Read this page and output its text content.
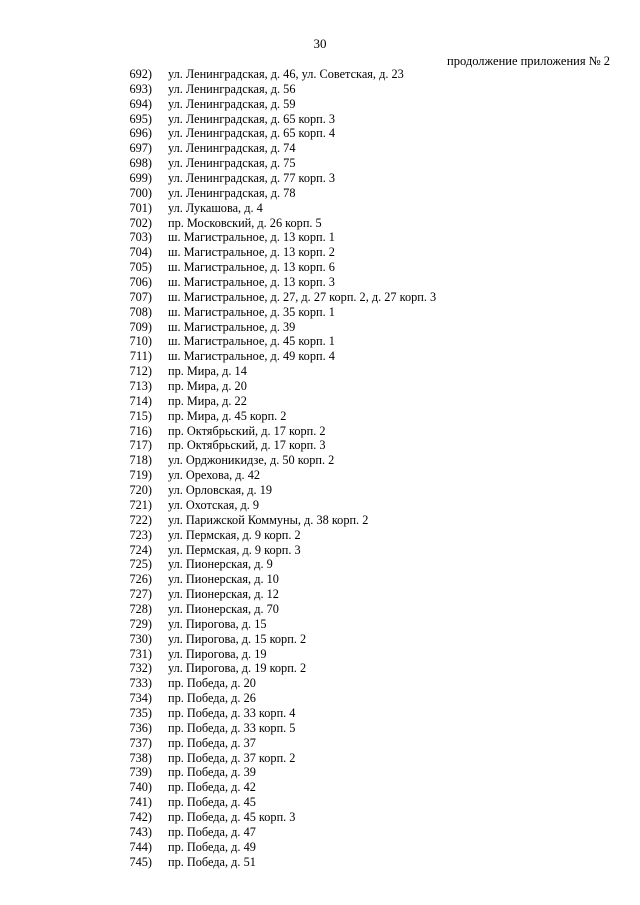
30
продолжение приложения № 2
692) ул. Ленинградская, д. 46, ул. Советская, д. 23
693) ул. Ленинградская, д. 56
694) ул. Ленинградская, д. 59
695) ул. Ленинградская, д. 65 корп. 3
696) ул. Ленинградская, д. 65 корп. 4
697) ул. Ленинградская, д. 74
698) ул. Ленинградская, д. 75
699) ул. Ленинградская, д. 77 корп. 3
700) ул. Ленинградская, д. 78
701) ул. Лукашова, д. 4
702) пр. Московский, д. 26 корп. 5
703) ш. Магистральное, д. 13 корп. 1
704) ш. Магистральное, д. 13 корп. 2
705) ш. Магистральное, д. 13 корп. 6
706) ш. Магистральное, д. 13 корп. 3
707) ш. Магистральное, д. 27, д. 27 корп. 2, д. 27 корп. 3
708) ш. Магистральное, д. 35 корп. 1
709) ш. Магистральное, д. 39
710) ш. Магистральное, д. 45 корп. 1
711) ш. Магистральное, д. 49 корп. 4
712) пр. Мира, д. 14
713) пр. Мира, д. 20
714) пр. Мира, д. 22
715) пр. Мира, д. 45 корп. 2
716) пр. Октябрьский, д. 17 корп. 2
717) пр. Октябрьский, д. 17 корп. 3
718) ул. Орджоникидзе, д. 50 корп. 2
719) ул. Орехова, д. 42
720) ул. Орловская, д. 19
721) ул. Охотская, д. 9
722) ул. Парижской Коммуны, д. 38 корп. 2
723) ул. Пермская, д. 9 корп. 2
724) ул. Пермская, д. 9 корп. 3
725) ул. Пионерская, д. 9
726) ул. Пионерская, д. 10
727) ул. Пионерская, д. 12
728) ул. Пионерская, д. 70
729) ул. Пирогова, д. 15
730) ул. Пирогова, д. 15 корп. 2
731) ул. Пирогова, д. 19
732) ул. Пирогова, д. 19 корп. 2
733) пр. Победа, д. 20
734) пр. Победа, д. 26
735) пр. Победа, д. 33 корп. 4
736) пр. Победа, д. 33 корп. 5
737) пр. Победа, д. 37
738) пр. Победа, д. 37 корп. 2
739) пр. Победа, д. 39
740) пр. Победа, д. 42
741) пр. Победа, д. 45
742) пр. Победа, д. 45 корп. 3
743) пр. Победа, д. 47
744) пр. Победа, д. 49
745) пр. Победа, д. 51
